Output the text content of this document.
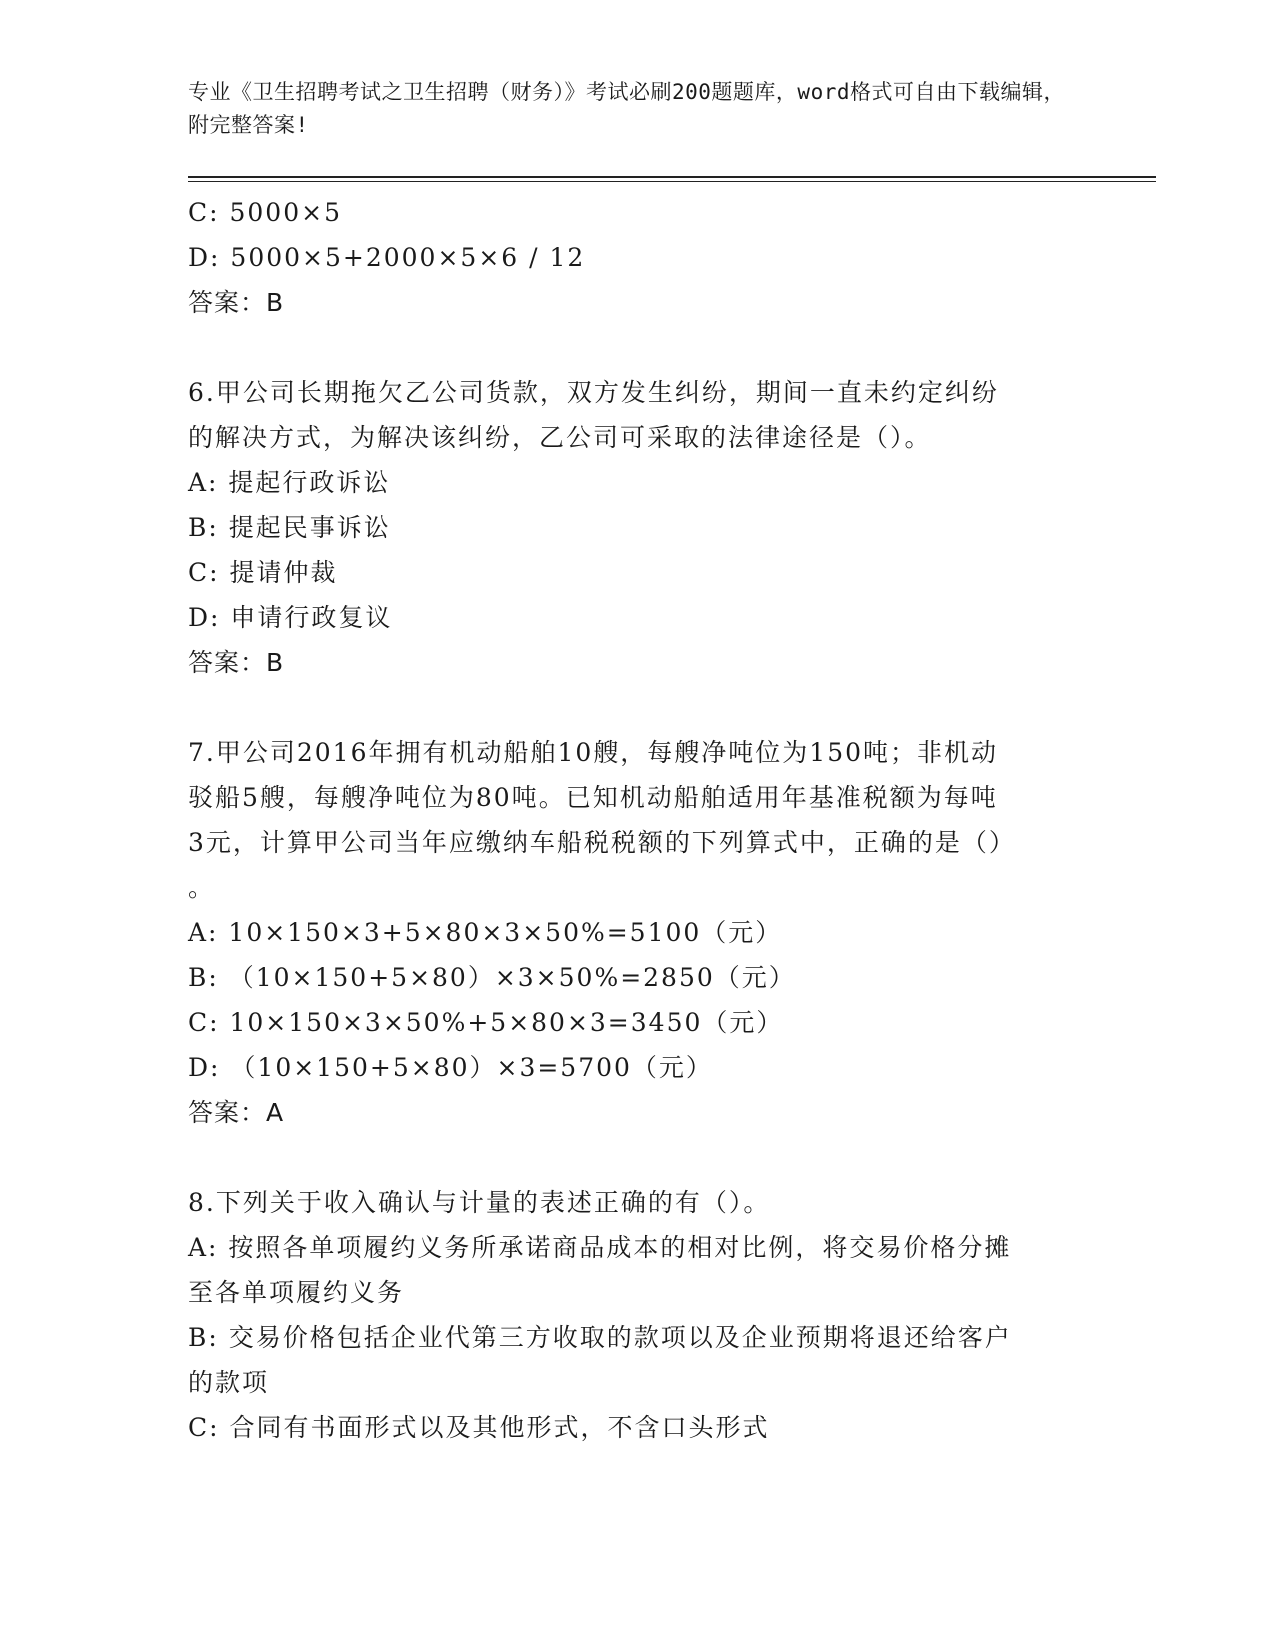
专业《卫生招聘考试之卫生招聘（财务）》考试必刷200题题库，word格式可自由下载编辑，附完整答案!
C: 5000×5
D: 5000×5+2000×5×6 / 12
答案：B
6.甲公司长期拖欠乙公司货款，双方发生纠纷，期间一直未约定纠纷
的解决方式，为解决该纠纷，乙公司可采取的法律途径是（）。
A: 提起行政诉讼
B: 提起民事诉讼
C: 提请仲裁
D: 申请行政复议
答案：B
7.甲公司2016年拥有机动船舶10艘，每艘净吨位为150吨；非机动
驳船5艘，每艘净吨位为80吨。已知机动船舶适用年基准税额为每吨
3元，计算甲公司当年应缴纳车船税税额的下列算式中，正确的是（）
。
A: 10×150×3+5×80×3×50%=5100（元）
B: （10×150+5×80）×3×50%=2850（元）
C: 10×150×3×50%+5×80×3=3450（元）
D: （10×150+5×80）×3=5700（元）
答案：A
8.下列关于收入确认与计量的表述正确的有（）。
A: 按照各单项履约义务所承诺商品成本的相对比例，将交易价格分摊
至各单项履约义务
B: 交易价格包括企业代第三方收取的款项以及企业预期将退还给客户
的款项
C: 合同有书面形式以及其他形式，不含口头形式
